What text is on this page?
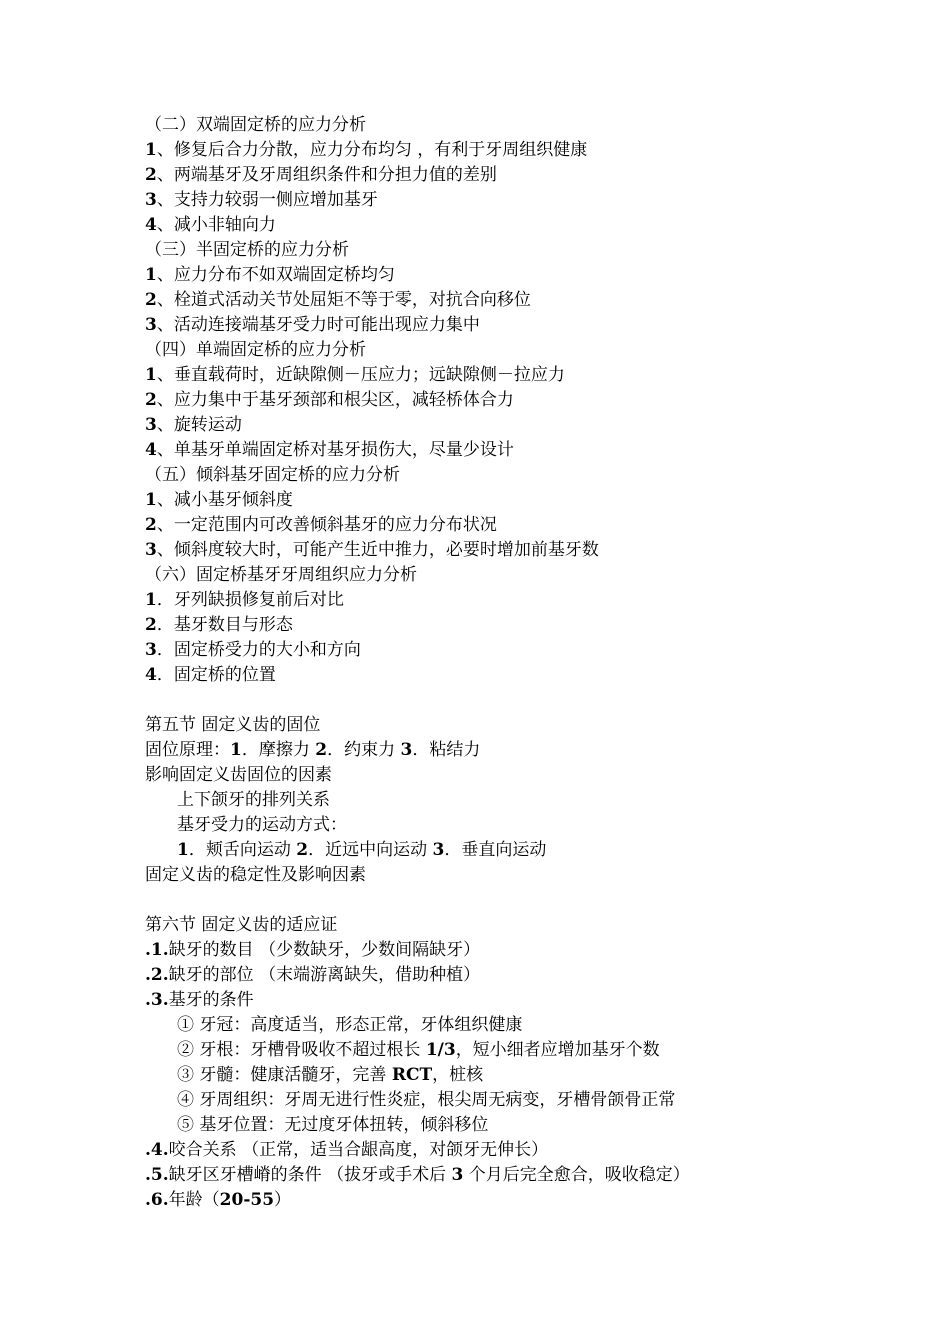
（二）双端固定桥的应力分析
1、修复后合力分散，应力分布均匀 ，有利于牙周组织健康
2、两端基牙及牙周组织条件和分担力值的差别
3、支持力较弱一侧应增加基牙
4、减小非轴向力
（三）半固定桥的应力分析
1、应力分布不如双端固定桥均匀
2、栓道式活动关节处屈矩不等于零，对抗合向移位
3、活动连接端基牙受力时可能出现应力集中
（四）单端固定桥的应力分析
1、垂直载荷时，近缺隙侧－压应力；远缺隙侧－拉应力
2、应力集中于基牙颈部和根尖区，减轻桥体合力
3、旋转运动
4、单基牙单端固定桥对基牙损伤大，尽量少设计
（五）倾斜基牙固定桥的应力分析
1、减小基牙倾斜度
2、一定范围内可改善倾斜基牙的应力分布状况
3、倾斜度较大时，可能产生近中推力，必要时增加前基牙数
（六）固定桥基牙牙周组织应力分析
1．牙列缺损修复前后对比
2．基牙数目与形态
3．固定桥受力的大小和方向
4．固定桥的位置
第五节 固定义齿的固位
固位原理：1．摩擦力 2．约束力 3．粘结力
影响固定义齿固位的因素
上下颌牙的排列关系
基牙受力的运动方式：
1．颊舌向运动 2．近远中向运动 3．垂直向运动
固定义齿的稳定性及影响因素
第六节 固定义齿的适应证
.1.缺牙的数目 （少数缺牙，少数间隔缺牙）
.2.缺牙的部位 （末端游离缺失，借助种植）
.3.基牙的条件
① 牙冠：高度适当，形态正常，牙体组织健康
② 牙根：牙槽骨吸收不超过根长 1/3，短小细者应增加基牙个数
③ 牙髓：健康活髓牙，完善 RCT，桩核
④ 牙周组织：牙周无进行性炎症，根尖周无病变，牙槽骨颌骨正常
⑤ 基牙位置：无过度牙体扭转，倾斜移位
.4.咬合关系 （正常，适当合龈高度，对颌牙无伸长）
.5.缺牙区牙槽嵴的条件 （拔牙或手术后 3 个月后完全愈合，吸收稳定）
.6.年龄（20-55）
